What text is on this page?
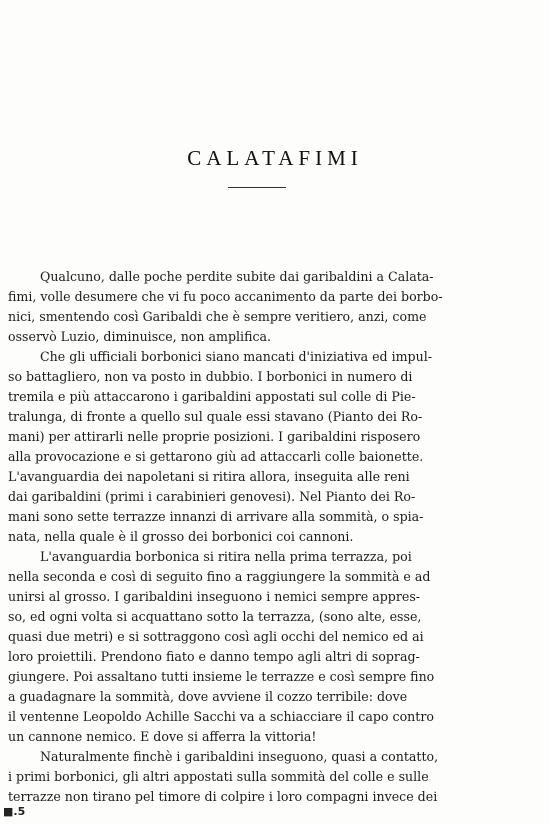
CALATAFIMI
Qualcuno, dalle poche perdite subite dai garibaldini a Calata-
fimi, volle desumere che vi fu poco accanimento da parte dei borbo-
nici, smentendo così Garibaldi che è sempre veritiero, anzi, come
osservò Luzio, diminuisce, non amplifica.
Che gli ufficiali borbonici siano mancati d'iniziativa ed impul-
so battagliero, non va posto in dubbio. I borbonici in numero di
tremila e più attaccarono i garibaldini appostati sul colle di Pie-
tralunga, di fronte a quello sul quale essi stavano (Pianto dei Ro-
mani) per attirarli nelle proprie posizioni. I garibaldini risposero
alla provocazione e si gettarono giù ad attaccarli colle baionette.
L'avanguardia dei napoletani si ritira allora, inseguita alle reni
dai garibaldini (primi i carabinieri genovesi). Nel Pianto dei Ro-
mani sono sette terrazze innanzi di arrivare alla sommità, o spia-
nata, nella quale è il grosso dei borbonici coi cannoni.
L'avanguardia borbonica si ritira nella prima terrazza, poi
nella seconda e così di seguito fino a raggiungere la sommità e ad
unirsi al grosso. I garibaldini inseguono i nemici sempre appres-
so, ed ogni volta si acquattano sotto la terrazza, (sono alte, esse,
quasi due metri) e si sottraggono così agli occhi del nemico ed ai
loro proiettili. Prendono fiato e danno tempo agli altri di soprag-
giungere. Poi assaltano tutti insieme le terrazze e così sempre fino
a guadagnare la sommità, dove avviene il cozzo terribile: dove
il ventenne Leopoldo Achille Sacchi va a schiacciare il capo contro
un cannone nemico. E dove si afferra la vittoria!
Naturalmente finchè i garibaldini inseguono, quasi a contatto,
i primi borbonici, gli altri appostati sulla sommità del colle e sulle
terrazze non tirano pel timore di colpire i loro compagni invece dei
■.5
